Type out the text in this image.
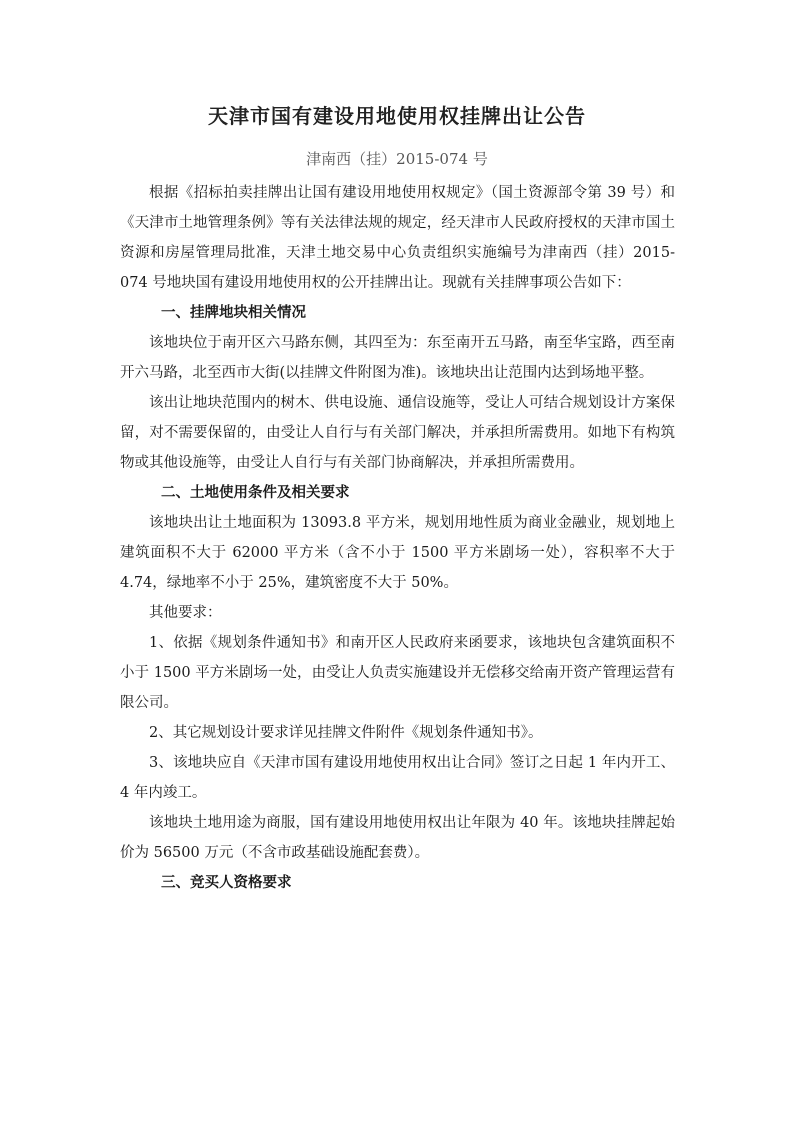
天津市国有建设用地使用权挂牌出让公告
津南西（挂）2015-074 号

根据《招标拍卖挂牌出让国有建设用地使用权规定》（国土资源部令第 39 号）和《天津市土地管理条例》等有关法律法规的规定，经天津市人民政府授权的天津市国土资源和房屋管理局批准，天津土地交易中心负责组织实施编号为津南西（挂）2015-074 号地块国有建设用地使用权的公开挂牌出让。现就有关挂牌事项公告如下：

一、挂牌地块相关情况

该地块位于南开区六马路东侧，其四至为：东至南开五马路，南至华宝路，西至南开六马路，北至西市大街(以挂牌文件附图为准)。该地块出让范围内达到场地平整。

该出让地块范围内的树木、供电设施、通信设施等，受让人可结合规划设计方案保留，对不需要保留的，由受让人自行与有关部门解决，并承担所需费用。如地下有构筑物或其他设施等，由受让人自行与有关部门协商解决，并承担所需费用。

二、土地使用条件及相关要求

该地块出让土地面积为 13093.8 平方米，规划用地性质为商业金融业，规划地上建筑面积不大于 62000 平方米（含不小于 1500 平方米剧场一处），容积率不大于 4.74，绿地率不小于 25%，建筑密度不大于 50%。

其他要求：

1、依据《规划条件通知书》和南开区人民政府来函要求，该地块包含建筑面积不小于 1500 平方米剧场一处，由受让人负责实施建设并无偿移交给南开资产管理运营有限公司。

2、其它规划设计要求详见挂牌文件附件《规划条件通知书》。

3、该地块应自《天津市国有建设用地使用权出让合同》签订之日起 1 年内开工、4 年内竣工。

该地块土地用途为商服，国有建设用地使用权出让年限为 40 年。该地块挂牌起始价为 56500 万元（不含市政基础设施配套费）。

三、竞买人资格要求
